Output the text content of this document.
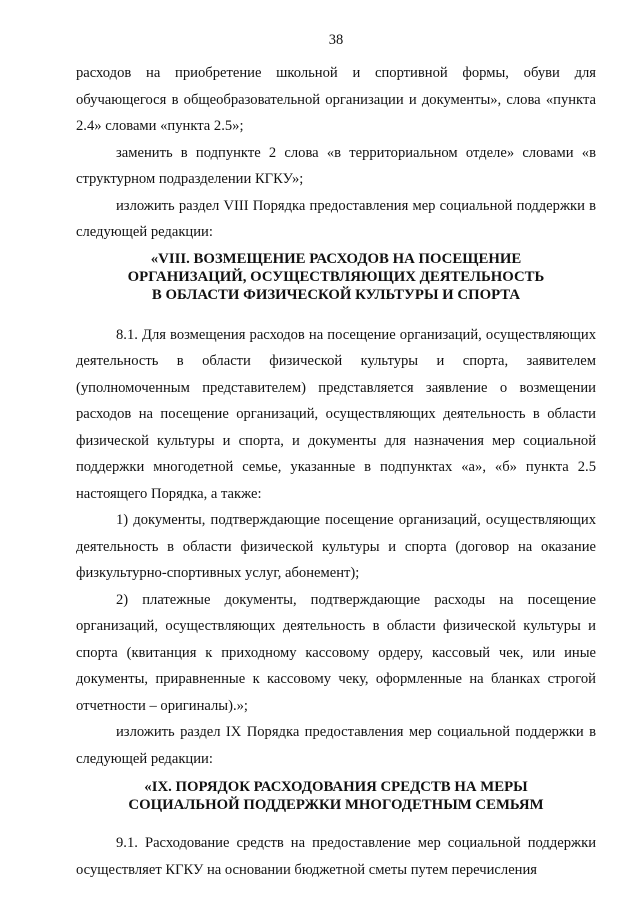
38

расходов на приобретение школьной и спортивной формы, обуви для обучающегося в общеобразовательной организации и документы», слова «пункта 2.4» словами «пункта 2.5»;

заменить в подпункте 2 слова «в территориальном отделе» словами «в структурном подразделении КГКУ»;

изложить раздел VIII Порядка предоставления мер социальной поддержки в следующей редакции:

«VIII. ВОЗМЕЩЕНИЕ РАСХОДОВ НА ПОСЕЩЕНИЕ
ОРГАНИЗАЦИЙ, ОСУЩЕСТВЛЯЮЩИХ ДЕЯТЕЛЬНОСТЬ
В ОБЛАСТИ ФИЗИЧЕСКОЙ КУЛЬТУРЫ И СПОРТА

8.1. Для возмещения расходов на посещение организаций, осуществляющих деятельность в области физической культуры и спорта, заявителем (уполномоченным представителем) представляется заявление о возмещении расходов на посещение организаций, осуществляющих деятельность в области физической культуры и спорта, и документы для назначения мер социальной поддержки многодетной семье, указанные в подпунктах «а», «б» пункта 2.5 настоящего Порядка, а также:

1) документы, подтверждающие посещение организаций, осуществляющих деятельность в области физической культуры и спорта (договор на оказание физкультурно-спортивных услуг, абонемент);

2) платежные документы, подтверждающие расходы на посещение организаций, осуществляющих деятельность в области физической культуры и спорта (квитанция к приходному кассовому ордеру, кассовый чек, или иные документы, приравненные к кассовому чеку, оформленные на бланках строгой отчетности – оригиналы).»;

изложить раздел IX Порядка предоставления мер социальной поддержки в следующей редакции:

«IX. ПОРЯДОК РАСХОДОВАНИЯ СРЕДСТВ НА МЕРЫ
СОЦИАЛЬНОЙ ПОДДЕРЖКИ МНОГОДЕТНЫМ СЕМЬЯМ

9.1. Расходование средств на предоставление мер социальной поддержки осуществляет КГКУ на основании бюджетной сметы путем перечисления
